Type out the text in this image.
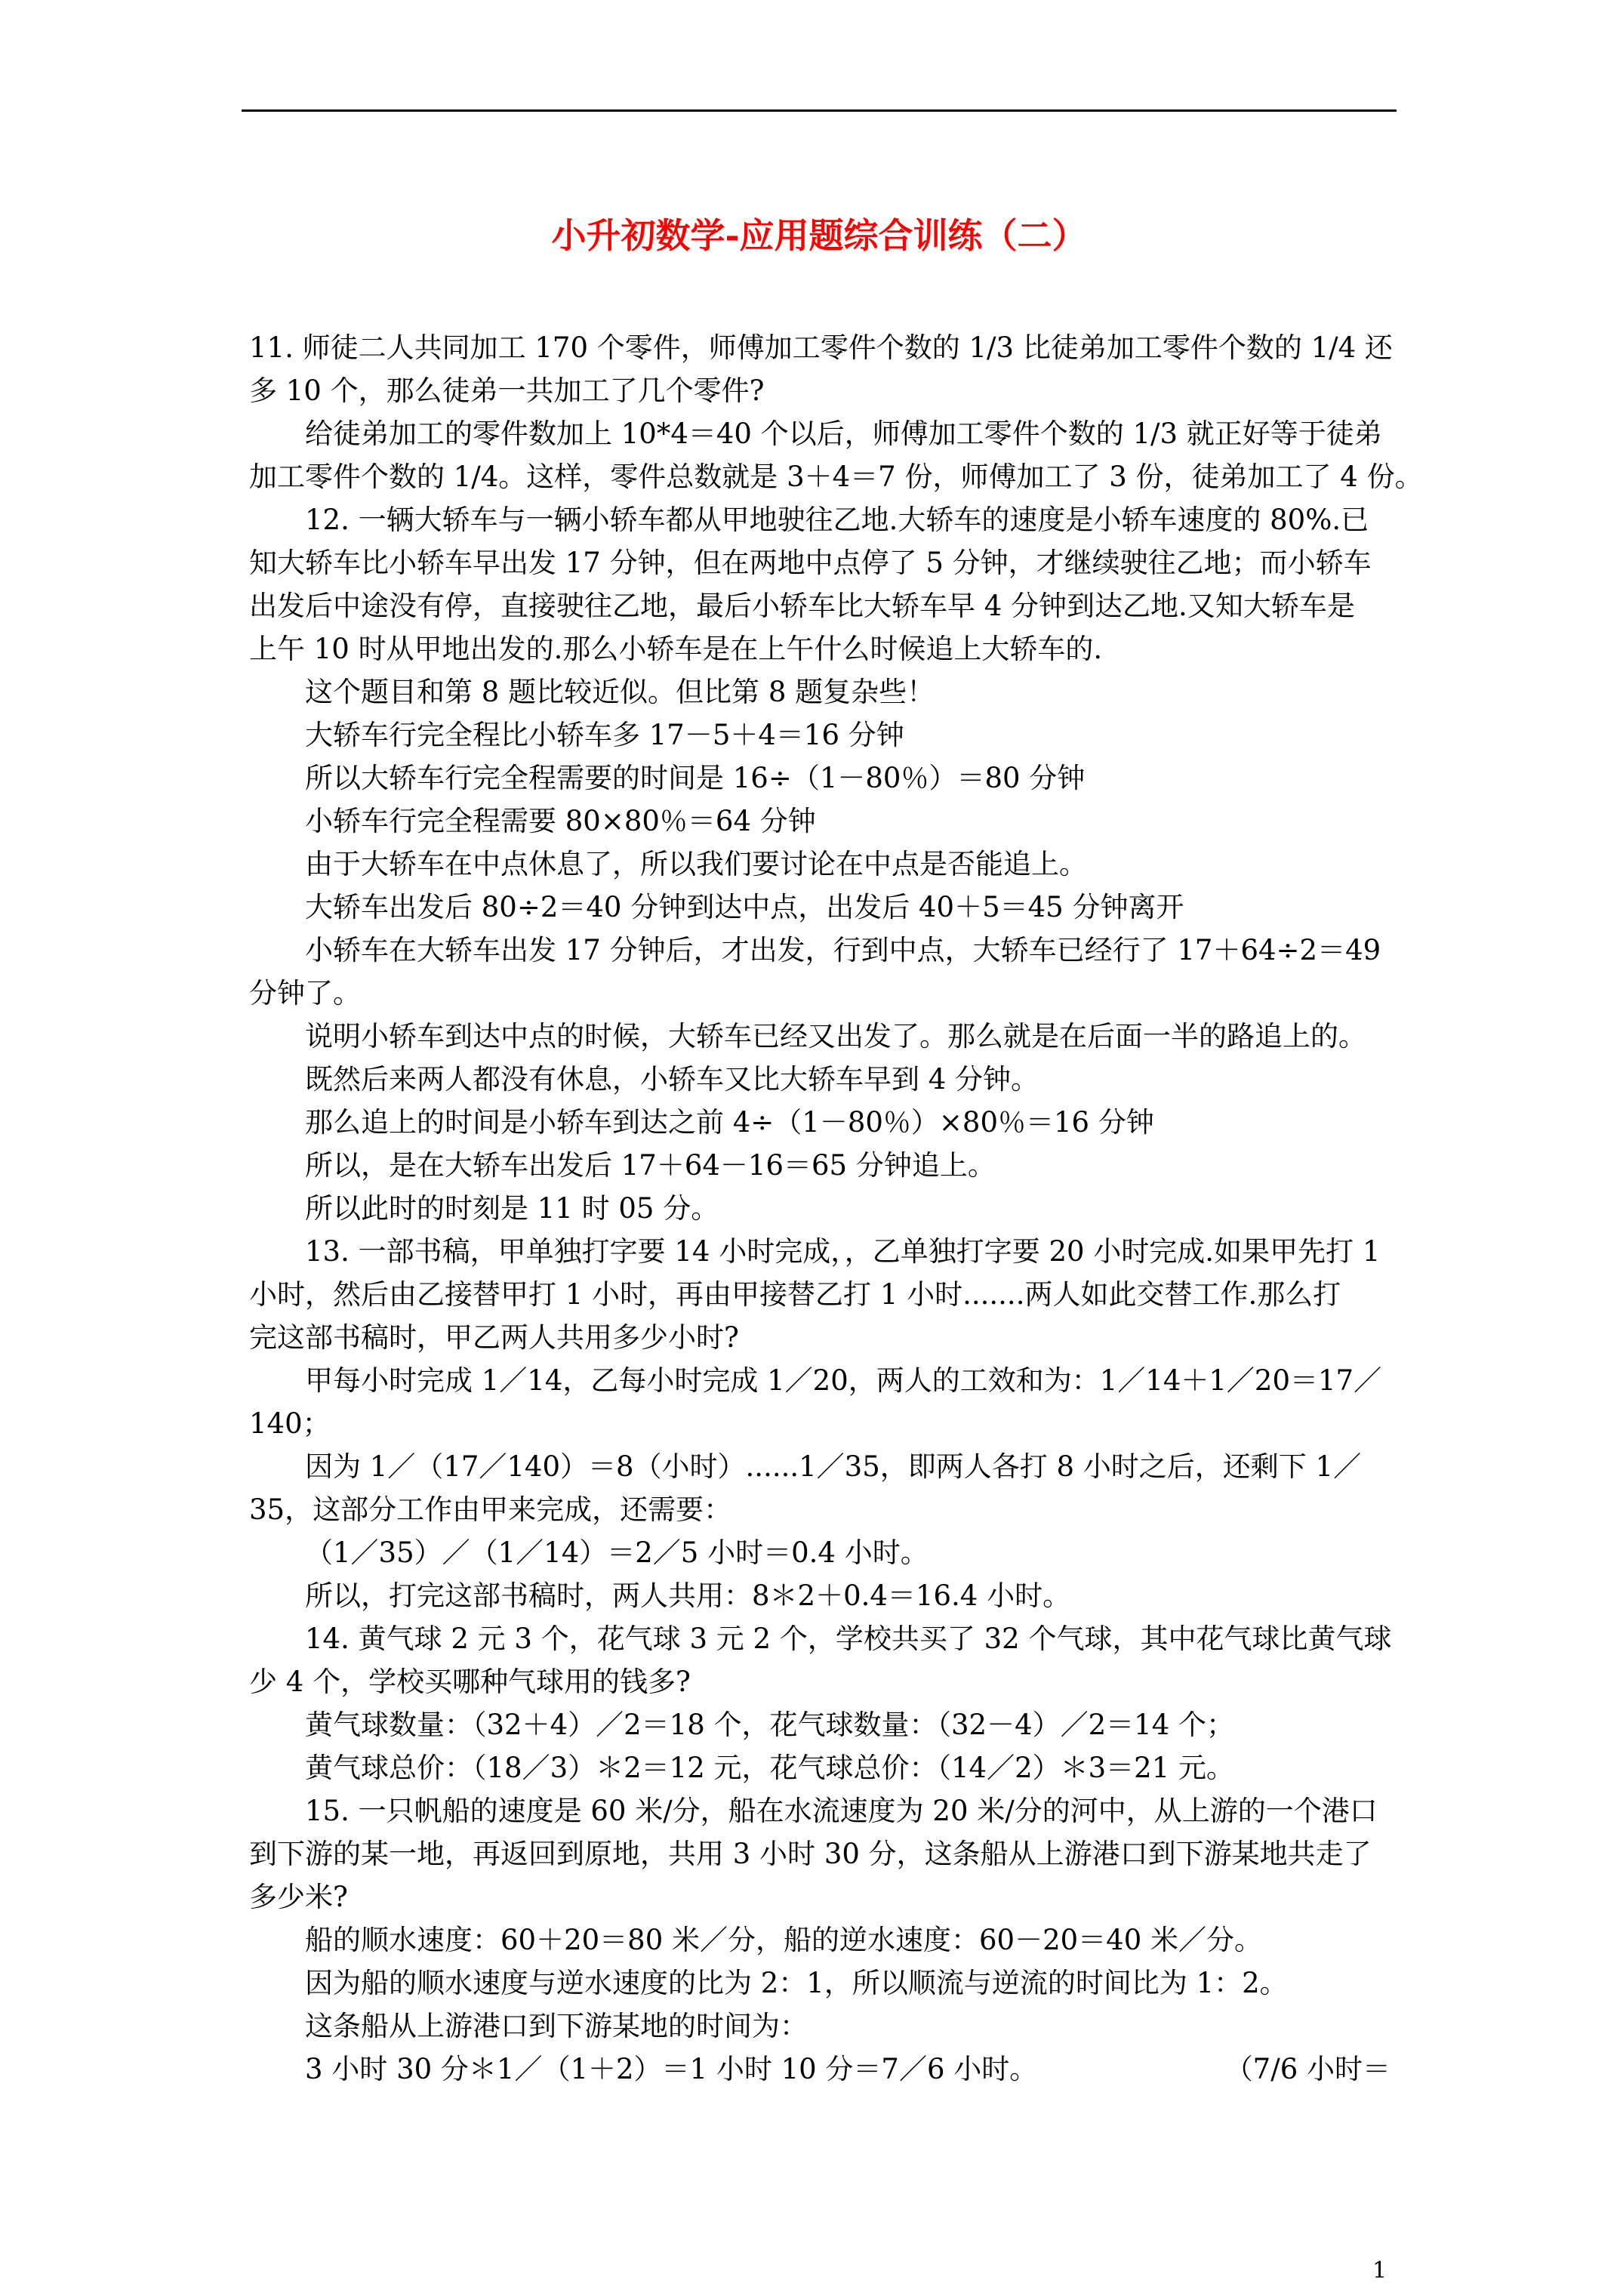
小升初数学-应用题综合训练（二）

11. 师徒二人共同加工 170 个零件，师傅加工零件个数的 1/3 比徒弟加工零件个数的 1/4 还

多 10 个，那么徒弟一共加工了几个零件?

给徒弟加工的零件数加上 10*4＝40 个以后，师傅加工零件个数的 1/3 就正好等于徒弟

加工零件个数的 1/4。这样，零件总数就是 3＋4＝7 份，师傅加工了 3 份，徒弟加工了 4 份。

12. 一辆大轿车与一辆小轿车都从甲地驶往乙地.大轿车的速度是小轿车速度的 80%.已

知大轿车比小轿车早出发 17 分钟，但在两地中点停了 5 分钟，才继续驶往乙地；而小轿车

出发后中途没有停，直接驶往乙地，最后小轿车比大轿车早 4 分钟到达乙地.又知大轿车是

上午 10 时从甲地出发的.那么小轿车是在上午什么时候追上大轿车的.

这个题目和第 8 题比较近似。但比第 8 题复杂些！

大轿车行完全程比小轿车多 17－5＋4＝16 分钟

所以大轿车行完全程需要的时间是 16÷（1－80％）＝80 分钟

小轿车行完全程需要 80×80％＝64 分钟

由于大轿车在中点休息了，所以我们要讨论在中点是否能追上。

大轿车出发后 80÷2＝40 分钟到达中点，出发后 40＋5＝45 分钟离开

小轿车在大轿车出发 17 分钟后，才出发，行到中点，大轿车已经行了 17＋64÷2＝49

分钟了。

说明小轿车到达中点的时候，大轿车已经又出发了。那么就是在后面一半的路追上的。

既然后来两人都没有休息，小轿车又比大轿车早到 4 分钟。

那么追上的时间是小轿车到达之前 4÷（1－80％）×80％＝16 分钟

所以，是在大轿车出发后 17＋64－16＝65 分钟追上。

所以此时的时刻是 11 时 05 分。

13. 一部书稿，甲单独打字要 14 小时完成，，乙单独打字要 20 小时完成.如果甲先打 1

小时，然后由乙接替甲打 1 小时，再由甲接替乙打 1 小时.......两人如此交替工作.那么打

完这部书稿时，甲乙两人共用多少小时?

甲每小时完成 1／14，乙每小时完成 1／20，两人的工效和为：1／14＋1／20＝17／

140；

因为 1／（17／140）＝8（小时）......1／35，即两人各打 8 小时之后，还剩下 1／

35，这部分工作由甲来完成，还需要：

（1／35）／（1／14）＝2／5 小时＝0.4 小时。

所以，打完这部书稿时，两人共用：8＊2＋0.4＝16.4 小时。

14. 黄气球 2 元 3 个，花气球 3 元 2 个，学校共买了 32 个气球，其中花气球比黄气球

少 4 个，学校买哪种气球用的钱多?

黄气球数量：（32＋4）／2＝18 个，花气球数量：（32－4）／2＝14 个；

黄气球总价：（18／3）＊2＝12 元，花气球总价：（14／2）＊3＝21 元。

15. 一只帆船的速度是 60 米/分，船在水流速度为 20 米/分的河中，从上游的一个港口

到下游的某一地，再返回到原地，共用 3 小时 30 分，这条船从上游港口到下游某地共走了

多少米?

船的顺水速度：60＋20＝80 米／分，船的逆水速度：60－20＝40 米／分。

因为船的顺水速度与逆水速度的比为 2：1，所以顺流与逆流的时间比为 1：2。

这条船从上游港口到下游某地的时间为：

3 小时 30 分＊1／（1＋2）＝1 小时 10 分＝7／6 小时。	（7/6 小时＝
1
